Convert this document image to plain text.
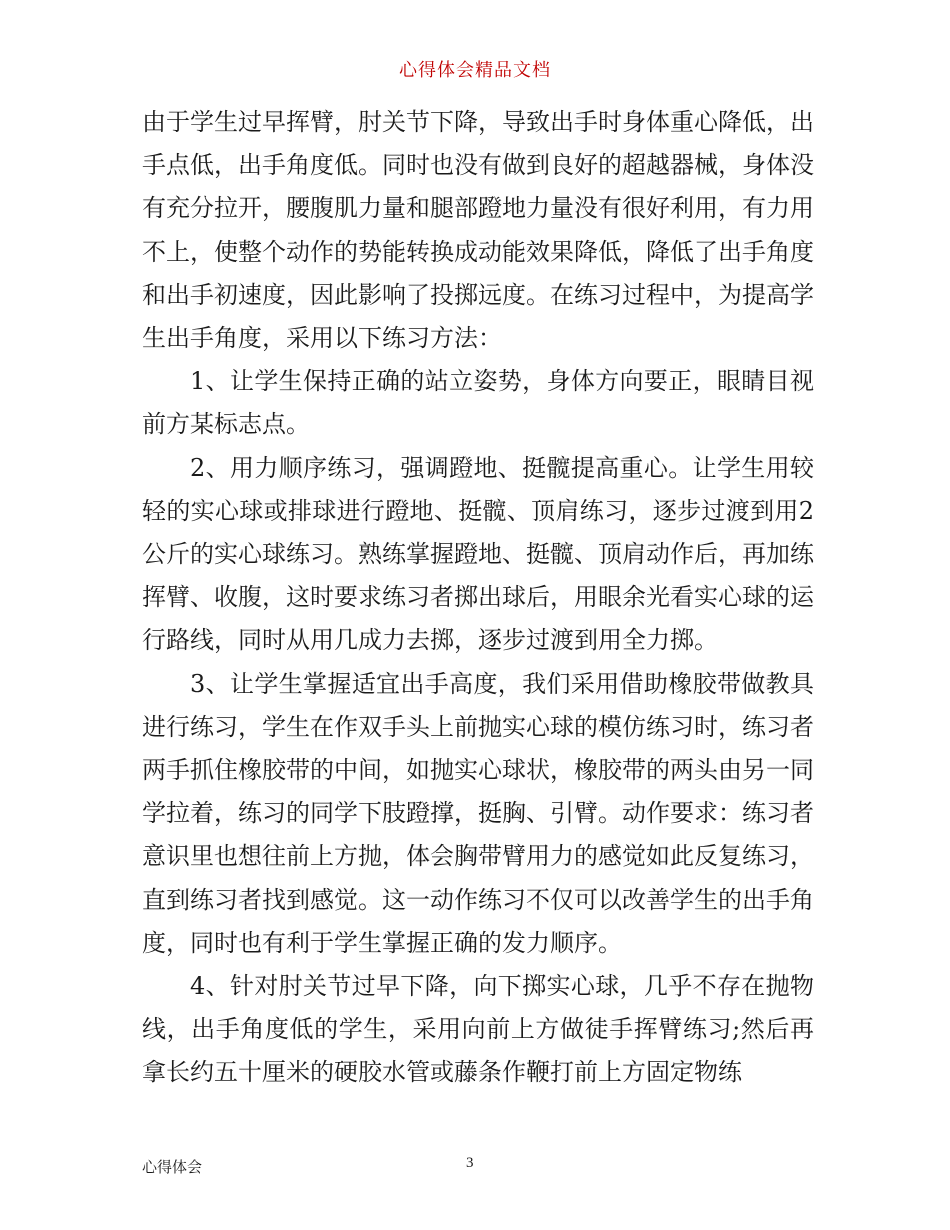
心得体会精品文档

由于学生过早挥臂，肘关节下降，导致出手时身体重心降低，出手点低，出手角度低。同时也没有做到良好的超越器械，身体没有充分拉开，腰腹肌力量和腿部蹬地力量没有很好利用，有力用不上，使整个动作的势能转换成动能效果降低，降低了出手角度和出手初速度，因此影响了投掷远度。在练习过程中，为提高学生出手角度，采用以下练习方法：

1、让学生保持正确的站立姿势，身体方向要正，眼睛目视前方某标志点。

2、用力顺序练习，强调蹬地、挺髋提高重心。让学生用较轻的实心球或排球进行蹬地、挺髋、顶肩练习，逐步过渡到用2公斤的实心球练习。熟练掌握蹬地、挺髋、顶肩动作后，再加练挥臂、收腹，这时要求练习者掷出球后，用眼余光看实心球的运行路线，同时从用几成力去掷，逐步过渡到用全力掷。

3、让学生掌握适宜出手高度，我们采用借助橡胶带做教具进行练习，学生在作双手头上前抛实心球的模仿练习时，练习者两手抓住橡胶带的中间，如抛实心球状，橡胶带的两头由另一同学拉着，练习的同学下肢蹬撑，挺胸、引臂。动作要求：练习者意识里也想往前上方抛，体会胸带臂用力的感觉如此反复练习，直到练习者找到感觉。这一动作练习不仅可以改善学生的出手角度，同时也有利于学生掌握正确的发力顺序。

4、针对肘关节过早下降，向下掷实心球，几乎不存在抛物线，出手角度低的学生，采用向前上方做徒手挥臂练习;然后再拿长约五十厘米的硬胶水管或藤条作鞭打前上方固定物练

心得体会	3
